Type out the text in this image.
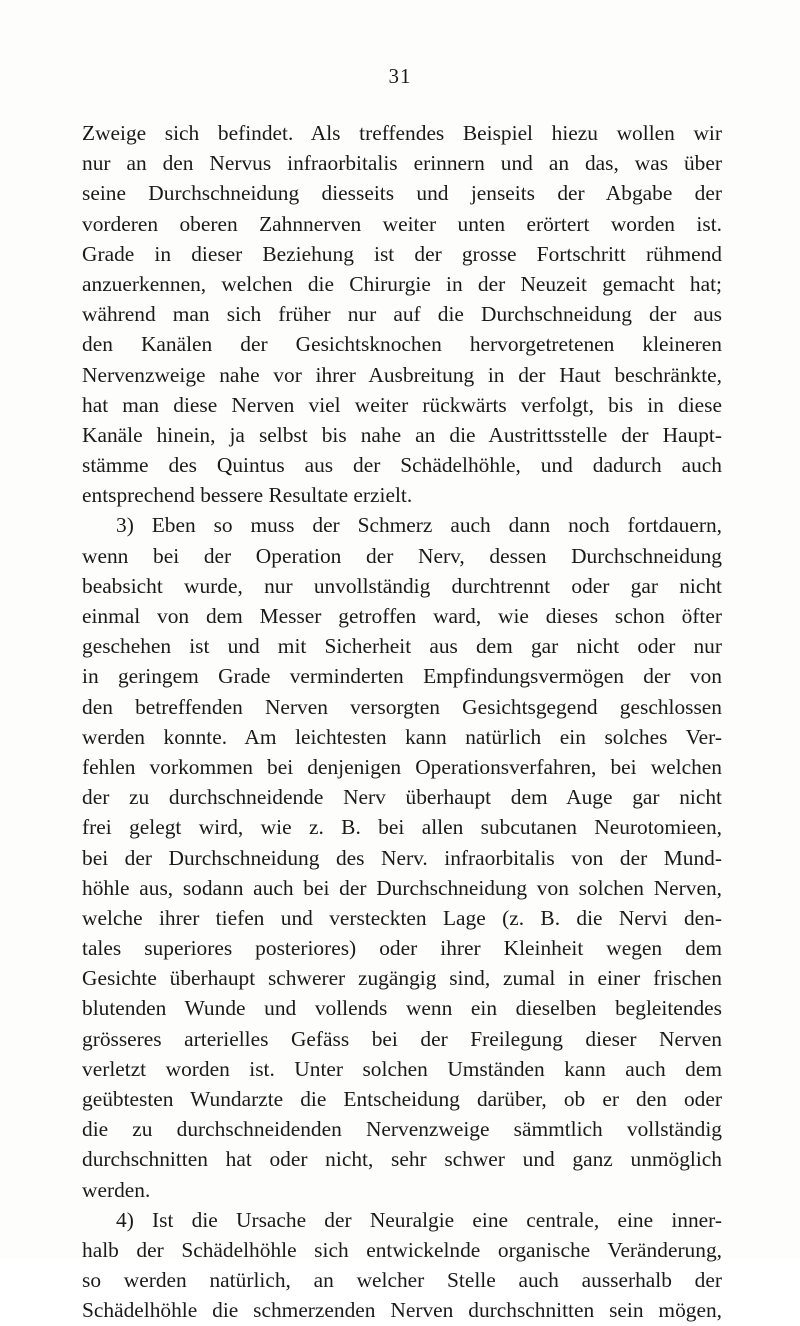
31
Zweige sich befindet. Als treffendes Beispiel hiezu wollen wir
nur an den Nervus infraorbitalis erinnern und an das, was über
seine Durchschneidung diesseits und jenseits der Abgabe der
vorderen oberen Zahnnerven weiter unten erörtert worden ist.
Grade in dieser Beziehung ist der grosse Fortschritt rühmend
anzuerkennen, welchen die Chirurgie in der Neuzeit gemacht hat;
während man sich früher nur auf die Durchschneidung der aus
den Kanälen der Gesichtsknochen hervorgetretenen kleineren
Nervenzweige nahe vor ihrer Ausbreitung in der Haut beschränkte,
hat man diese Nerven viel weiter rückwärts verfolgt, bis in diese
Kanäle hinein, ja selbst bis nahe an die Austrittsstelle der Haupt-
stämme des Quintus aus der Schädelhöhle, und dadurch auch
entsprechend bessere Resultate erzielt.
3) Eben so muss der Schmerz auch dann noch fortdauern,
wenn bei der Operation der Nerv, dessen Durchschneidung
beabsicht wurde, nur unvollständig durchtrennt oder gar nicht
einmal von dem Messer getroffen ward, wie dieses schon öfter
geschehen ist und mit Sicherheit aus dem gar nicht oder nur
in geringem Grade verminderten Empfindungsvermögen der von
den betreffenden Nerven versorgten Gesichtsgegend geschlossen
werden konnte. Am leichtesten kann natürlich ein solches Ver-
fehlen vorkommen bei denjenigen Operationsverfahren, bei welchen
der zu durchschneidende Nerv überhaupt dem Auge gar nicht
frei gelegt wird, wie z. B. bei allen subcutanen Neurotomieen,
bei der Durchschneidung des Nerv. infraorbitalis von der Mund-
höhle aus, sodann auch bei der Durchschneidung von solchen Nerven,
welche ihrer tiefen und versteckten Lage (z. B. die Nervi den-
tales superiores posteriores) oder ihrer Kleinheit wegen dem
Gesichte überhaupt schwerer zugängig sind, zumal in einer frischen
blutenden Wunde und vollends wenn ein dieselben begleitendes
grösseres arterielles Gefäss bei der Freilegung dieser Nerven
verletzt worden ist. Unter solchen Umständen kann auch dem
geübtesten Wundarzte die Entscheidung darüber, ob er den oder
die zu durchschneidenden Nervenzweige sämmtlich vollständig
durchschnitten hat oder nicht, sehr schwer und ganz unmöglich
werden.
4) Ist die Ursache der Neuralgie eine centrale, eine inner-
halb der Schädelhöhle sich entwickelnde organische Veränderung,
so werden natürlich, an welcher Stelle auch ausserhalb der
Schädelhöhle die schmerzenden Nerven durchschnitten sein mögen,
